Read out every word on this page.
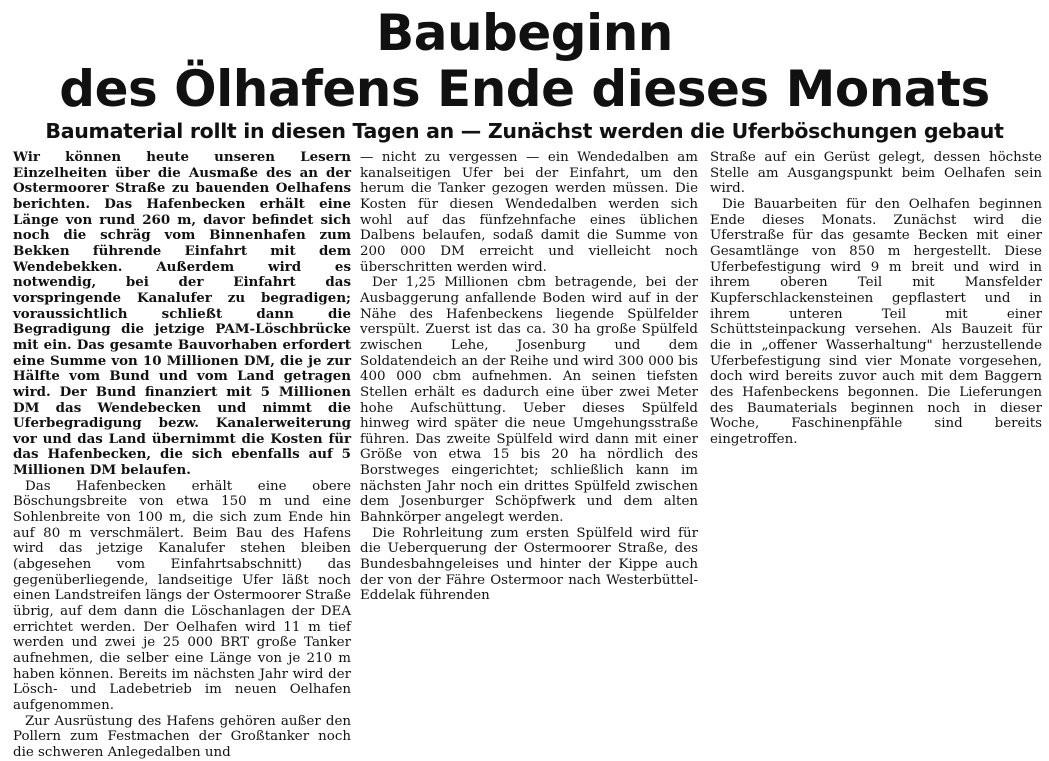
Baubeginn
des Ölhafens Ende dieses Monats
Baumaterial rollt in diesen Tagen an — Zunächst werden die Uferböschungen gebaut

Wir können heute unseren Lesern Einzelheiten über die Ausmaße des an der Ostermoorer Straße zu bauenden Oelhafens berichten. Das Hafenbecken erhält eine Länge von rund 260 m, davor befindet sich noch die schräg vom Binnenhafen zum Bekken führende Einfahrt mit dem Wendebekken. Außerdem wird es notwendig, bei der Einfahrt das vorspringende Kanalufer zu begradigen; voraussichtlich schließt dann die Begradigung die jetzige PAM-Löschbrücke mit ein. Das gesamte Bauvorhaben erfordert eine Summe von 10 Millionen DM, die je zur Hälfte vom Bund und vom Land getragen wird. Der Bund finanziert mit 5 Millionen DM das Wendebecken und nimmt die Uferbegradigung bezw. Kanalerweiterung vor und das Land übernimmt die Kosten für das Hafenbecken, die sich ebenfalls auf 5 Millionen DM belaufen.

Das Hafenbecken erhält eine obere Böschungsbreite von etwa 150 m und eine Sohlenbreite von 100 m, die sich zum Ende hin auf 80 m verschmälert. Beim Bau des Hafens wird das jetzige Kanalufer stehen bleiben (abgesehen vom Einfahrtsabschnitt) das gegenüberliegende, landseitige Ufer läßt noch einen Landstreifen längs der Ostermoorer Straße übrig, auf dem dann die Löschanlagen der DEA errichtet werden. Der Oelhafen wird 11 m tief werden und zwei je 25 000 BRT große Tanker aufnehmen, die selber eine Länge von je 210 m haben können. Bereits im nächsten Jahr wird der Lösch- und Ladebetrieb im neuen Oelhafen aufgenommen.

Zur Ausrüstung des Hafens gehören außer den Pollern zum Festmachen der Großtanker noch die schweren Anlegedalben und

— nicht zu vergessen — ein Wendedalben am kanalseitigen Ufer bei der Einfahrt, um den herum die Tanker gezogen werden müssen. Die Kosten für diesen Wendedalben werden sich wohl auf das fünfzehnfache eines üblichen Dalbens belaufen, sodaß damit die Summe von 200 000 DM erreicht und vielleicht noch überschritten werden wird.

Der 1,25 Millionen cbm betragende, bei der Ausbaggerung anfallende Boden wird auf in der Nähe des Hafenbeckens liegende Spülfelder verspült. Zuerst ist das ca. 30 ha große Spülfeld zwischen Lehe, Josenburg und dem Soldatendeich an der Reihe und wird 300 000 bis 400 000 cbm aufnehmen. An seinen tiefsten Stellen erhält es dadurch eine über zwei Meter hohe Aufschüttung. Ueber dieses Spülfeld hinweg wird später die neue Umgehungsstraße führen. Das zweite Spülfeld wird dann mit einer Größe von etwa 15 bis 20 ha nördlich des Borstweges eingerichtet; schließlich kann im nächsten Jahr noch ein drittes Spülfeld zwischen dem Josenburger Schöpfwerk und dem alten Bahnkörper angelegt werden.

Die Rohrleitung zum ersten Spülfeld wird für die Ueberquerung der Ostermoorer Straße, des Bundesbahngeleises und hinter der Kippe auch der von der Fähre Ostermoor nach Westerbüttel-Eddelak führenden

Straße auf ein Gerüst gelegt, dessen höchste Stelle am Ausgangspunkt beim Oelhafen sein wird.

Die Bauarbeiten für den Oelhafen beginnen Ende dieses Monats. Zunächst wird die Uferstraße für das gesamte Becken mit einer Gesamtlänge von 850 m hergestellt. Diese Uferbefestigung wird 9 m breit und wird in ihrem oberen Teil mit Mansfelder Kupferschlackensteinen gepflastert und in ihrem unteren Teil mit einer Schüttsteinpackung versehen. Als Bauzeit für die in „offener Wasserhaltung" herzustellende Uferbefestigung sind vier Monate vorgesehen, doch wird bereits zuvor auch mit dem Baggern des Hafenbeckens begonnen. Die Lieferungen des Baumaterials beginnen noch in dieser Woche, Faschinenpfähle sind bereits eingetroffen.
